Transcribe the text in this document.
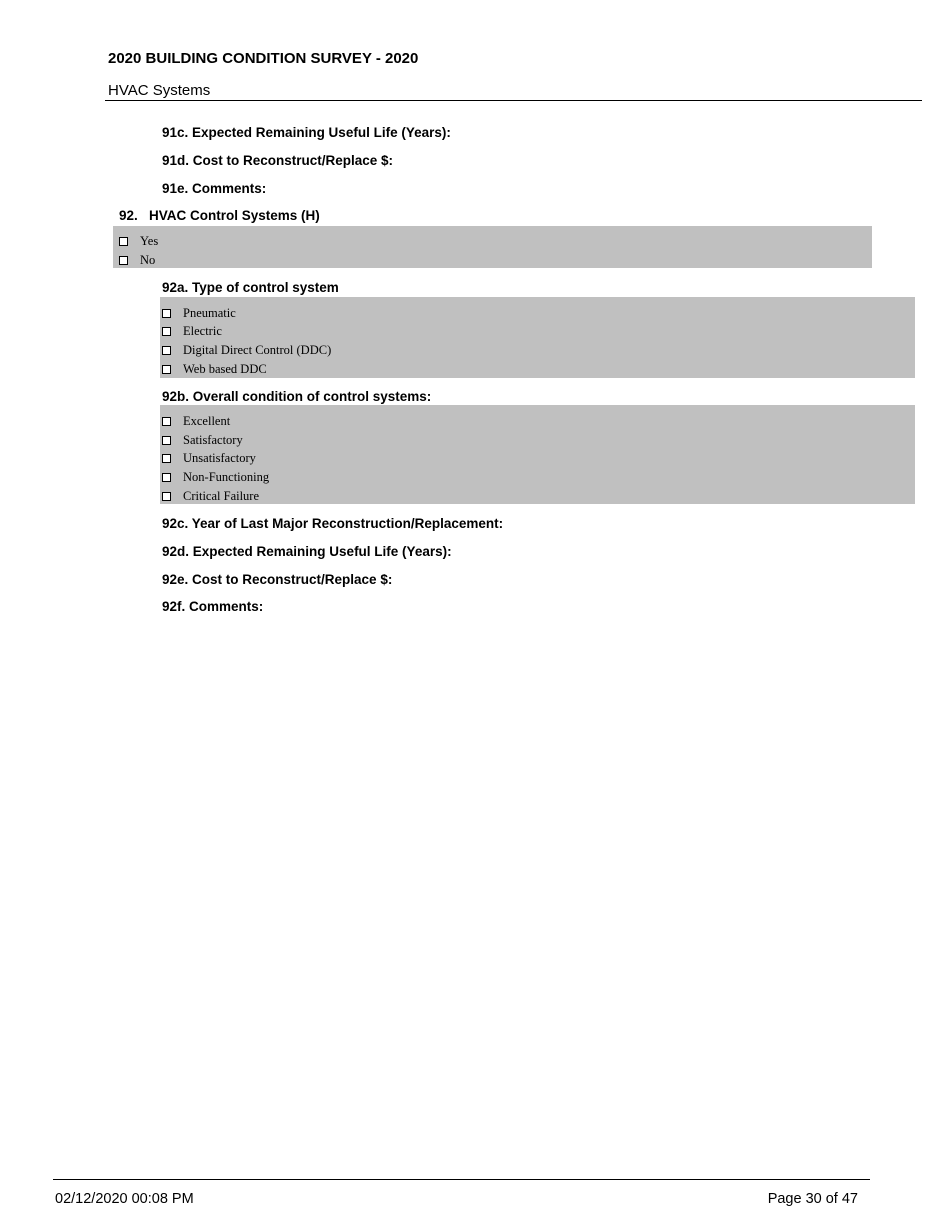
2020 BUILDING CONDITION SURVEY - 2020
HVAC Systems
91c. Expected Remaining Useful Life (Years):
91d. Cost to Reconstruct/Replace $:
91e. Comments:
92.   HVAC Control Systems (H)
Yes
No
92a. Type of control system
Pneumatic
Electric
Digital Direct Control (DDC)
Web based DDC
92b. Overall condition of control systems:
Excellent
Satisfactory
Unsatisfactory
Non-Functioning
Critical Failure
92c. Year of Last Major Reconstruction/Replacement:
92d. Expected Remaining Useful Life (Years):
92e. Cost to Reconstruct/Replace $:
92f. Comments:
02/12/2020 00:08 PM	Page 30 of 47
